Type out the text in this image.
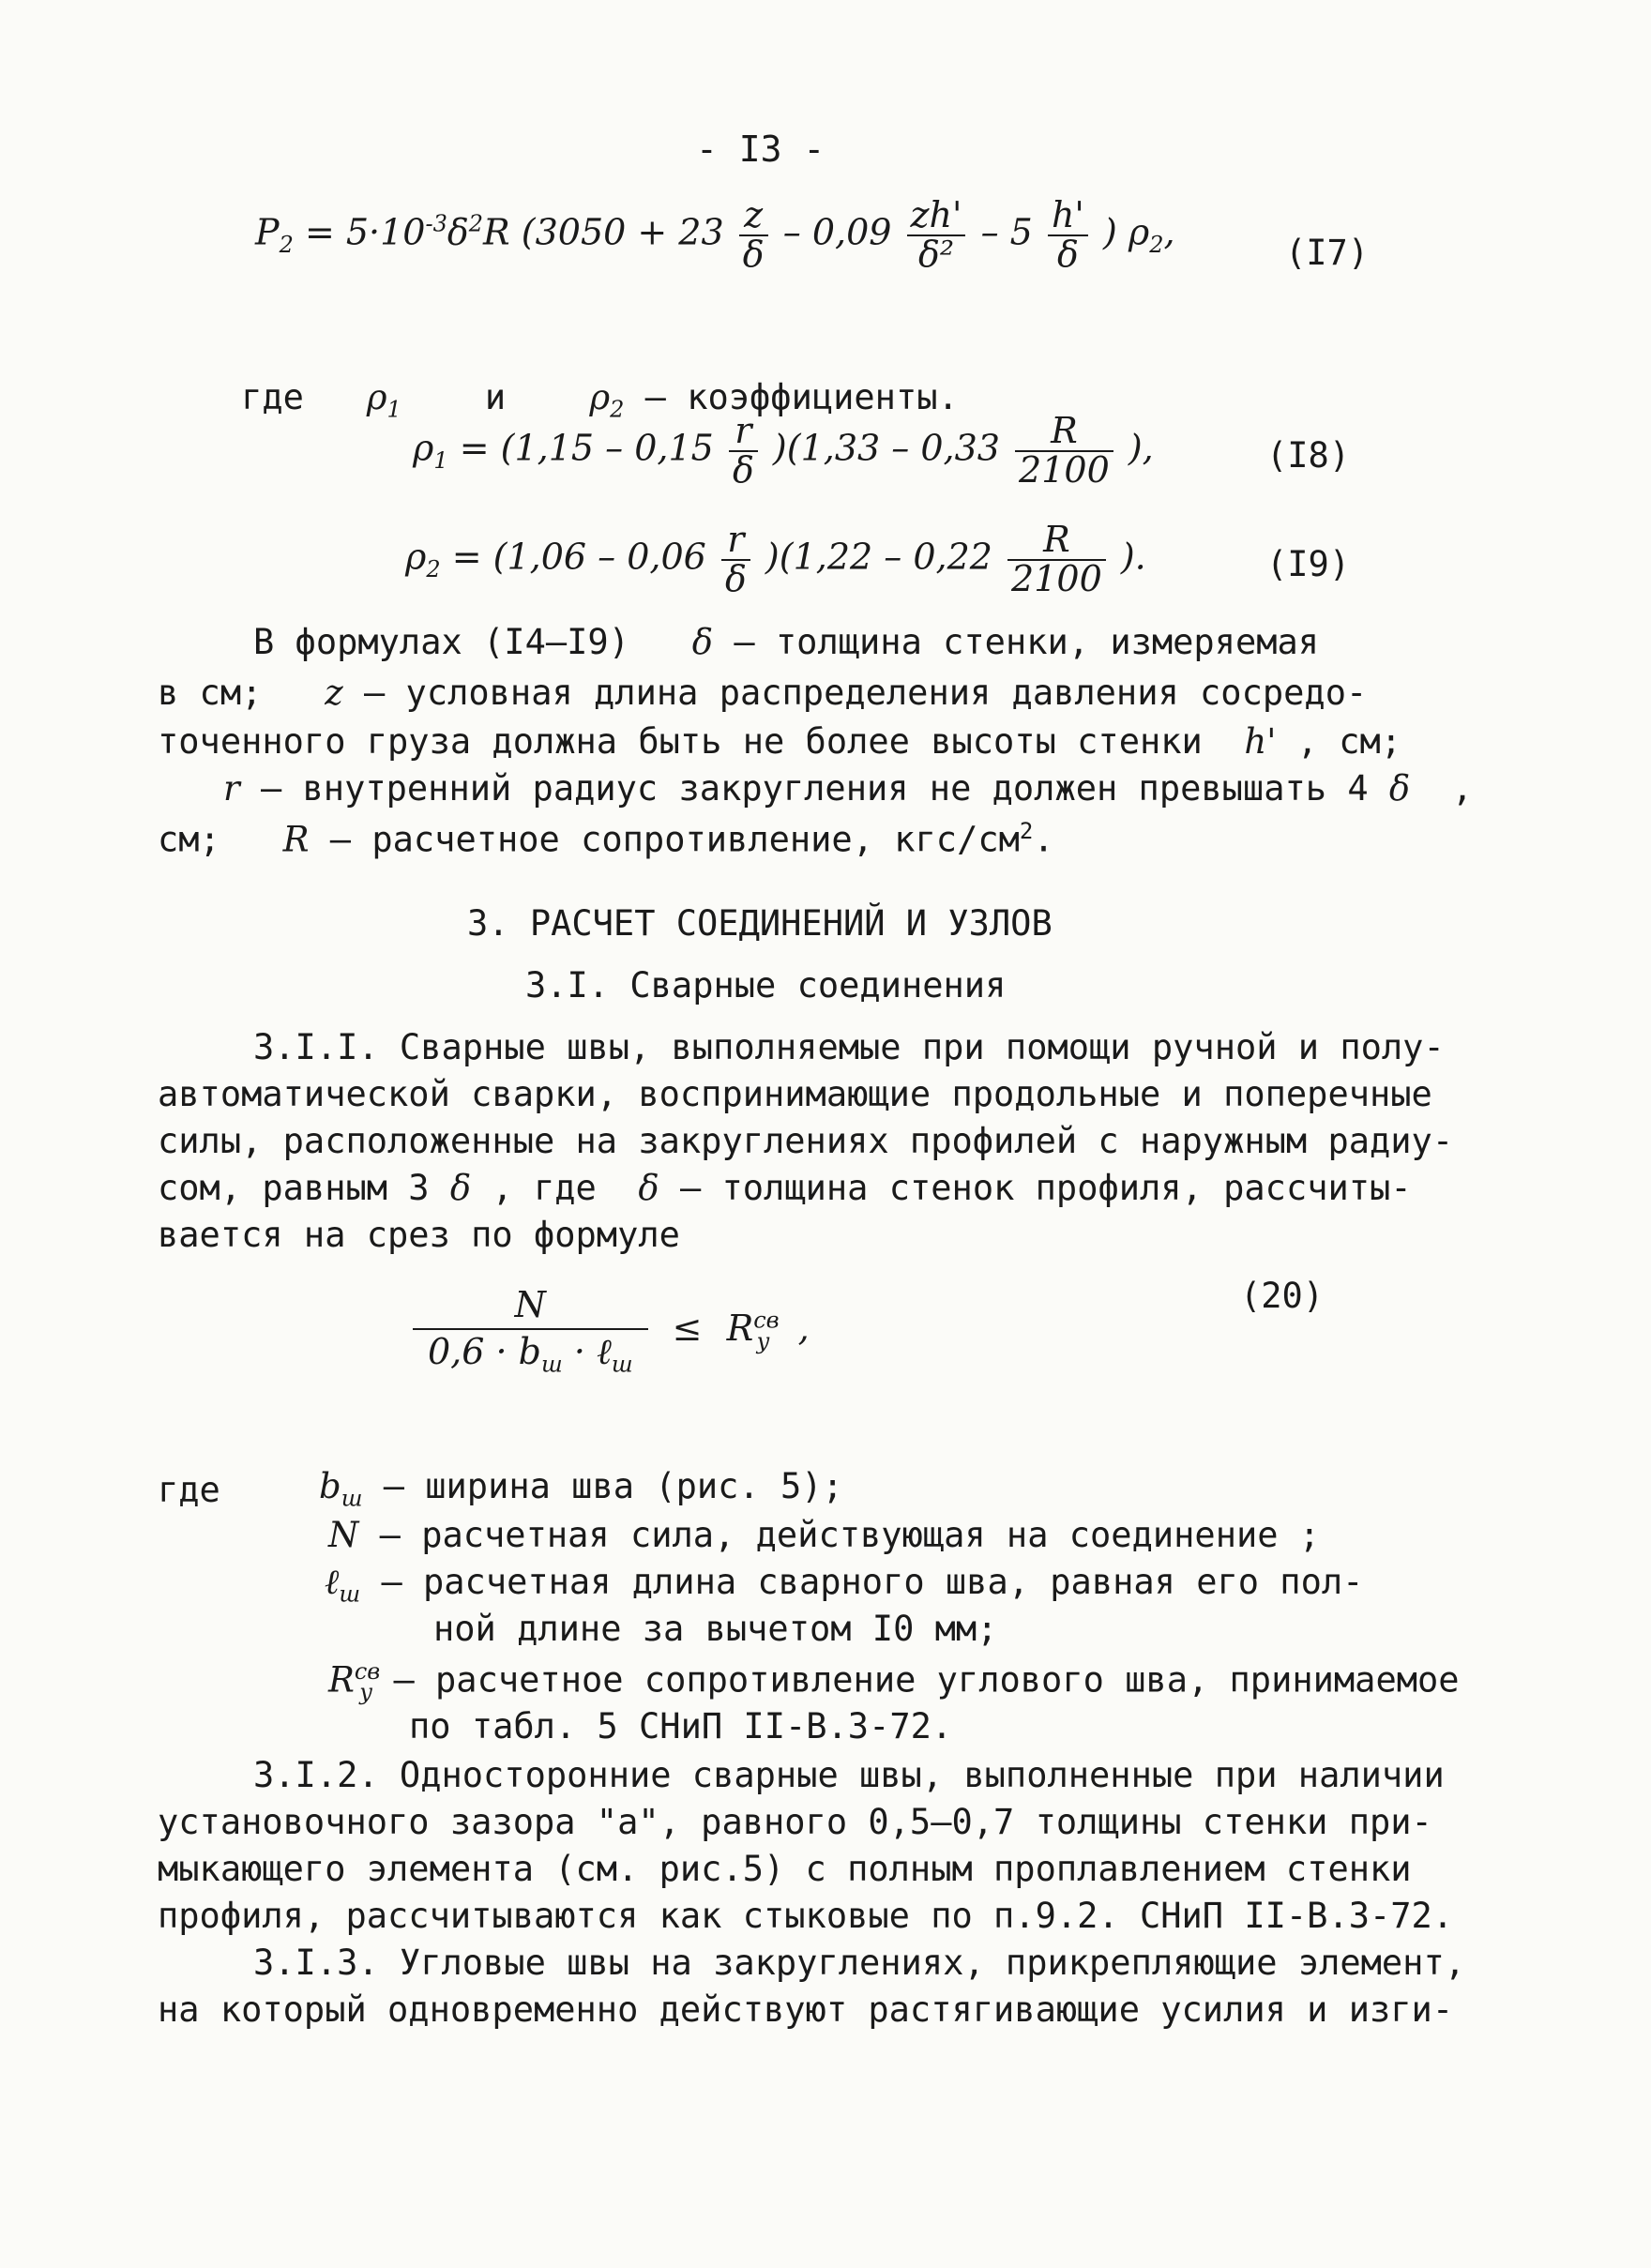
- I3 -
$P_2 = 5\cdot 10^{-3}\delta^2R$ ($3050 + 23 \frac{z}{\delta} - 0,09 \frac{zh'}{\text{δ²}} - 5 \frac{h'}{\delta}$ ) $\rho_2$,
(I7)

где $\rho_1$ и $\rho_2$ – коэффициенты.

$\rho_1 = (1,15 - 0,15 \frac{r}{\delta} )(1,33 - 0,33 \frac{R}{2100}$ ),	(I8)
$\rho_2 = (1,06 - 0,06 \frac{r}{\delta} )(1,22 - 0,22 \frac{R}{2100}$ ).	(I9)
В формулах (I4–I9) δ – толщина стенки, измеряемая
в см; z – условная длина распределения давления сосредо-
точенного груза должна быть не более высоты стенки h' , см;
r – внутренний радиус закругления не должен превышать 4 δ ,
см; R – расчетное сопротивление, кгс/$см^2$.
3. РАСЧЕТ СОЕДИНЕНИЙ И УЗЛОВ
3.I. Сварные соединения
3.I.I. Сварные швы, выполняемые при помощи ручной и полу-
автоматической сварки, воспринимающие продольные и поперечные
силы, расположенные на закруглениях профилей с наружным радиу-
сом, равным 3 δ , где δ – толщина стенок профиля, рассчиты-
вается на срез по формуле
$\frac{N}{0,6 \cdot b_ш \cdot \ell_ш} \le R^{св}_у$ ,
(20)
где	$b_ш$ – ширина шва (рис. 5);
N – расчетная сила, действующая на соединение ;
ℓ$_ш$ – расчетная длина сварного шва, равная его пол-
ной длине за вычетом I0 мм;
$R^{св}_у$ – расчетное сопротивление углового шва, принимаемое
по табл. 5 СНиП II-В.3-72.
3.I.2. Односторонние сварные швы, выполненные при наличии
установочного зазора "а", равного 0,5–0,7 толщины стенки при-
мыкающего элемента (см. рис.5) с полным проплавлением стенки
профиля, рассчитываются как стыковые по п.9.2. СНиП II-В.3-72.
3.I.3. Угловые швы на закруглениях, прикрепляющие элемент,
на который одновременно действуют растягивающие усилия и изги-
